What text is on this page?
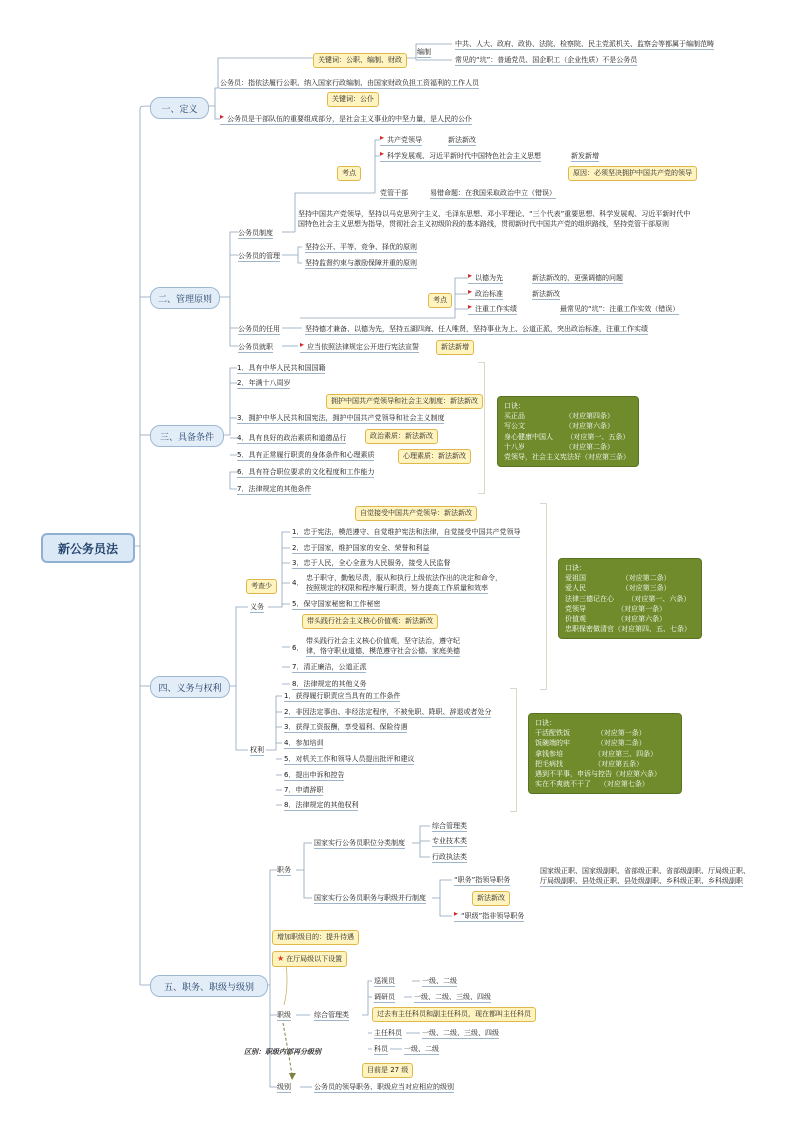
新公务员法
一、定义
关键词：公职、编制、财政
编制
中共、人大、政府、政协、法院、检察院、民主党派机关、监察会等都属于编制范畴
常见的“坑”：普通党员、国企职工（企业性质）不是公务员
公务员：指依法履行公职、纳入国家行政编制、由国家财政负担工资福利的工作人员
关键词：公仆
公务员是干部队伍的重要组成部分，是社会主义事业的中坚力量，是人民的公仆
二、管理原则
考点
共产党领导	新法新改
科学发展观、习近平新时代中国特色社会主义思想	新发新增
原因：必须坚决拥护中国共产党的领导
党管干部	易错命题：在我国采取政治中立（错误）
公务员制度
坚持中国共产党领导，坚持以马克思列宁主义、毛泽东思想、邓小平理论、“三个代表”重要思想、科学发展观、习近平新时代中国特色社会主义思想为指导，贯彻社会主义初级阶段的基本路线，贯彻新时代中国共产党的组织路线，坚持党管干部原则
公务员的管理
坚持公开、平等、竞争、择优的原则
坚持监督约束与激励保障并重的原则
考点
以德为先	新法新改的，更强调德的问题
政治标准	新法新改
注重工作实绩	最常见的“坑”：注重工作实效（错误）
公务员的任用	坚持德才兼备、以德为先，坚持五湖四海、任人唯贤，坚持事业为上、公道正派，突出政治标准，注重工作实绩
公务员就职	应当依照法律规定公开进行宪法宣誓	新法新增
三、具备条件
1．具有中华人民共和国国籍
2．年满十八周岁
拥护中国共产党领导和社会主义制度：新法新改
3．拥护中华人民共和国宪法，拥护中国共产党领导和社会主义制度
4．具有良好的政治素质和道德品行	政治素质：新法新改
5．具有正常履行职责的身体条件和心理素质	心理素质：新法新改
6．具有符合职位要求的文化程度和工作能力
7．法律规定的其他条件
口诀：
买正品                  （对应第四条）
写公文                  （对应第六条）
身心健康中国人      （对应第一、五条）
十八岁                  （对应第二条）
党领导，社会主义宪法好（对应第三条）
四、义务与权利
考查少
义务
自觉接受中国共产党领导：新法新改
1．忠于宪法，模范遵守、自觉维护宪法和法律，自觉接受中国共产党领导
2．忠于国家，维护国家的安全、荣誉和利益
3．忠于人民，全心全意为人民服务，接受人民监督
4．
忠于职守，勤勉尽责，服从和执行上级依法作出的决定和命令，
按照规定的权限和程序履行职责，努力提高工作质量和效率
5．保守国家秘密和工作秘密
带头践行社会主义核心价值观：新法新改
6．
带头践行社会主义核心价值观，坚守法治，遵守纪
律，恪守职业道德，模范遵守社会公德、家庭美德
7．清正廉洁，公道正派
8．法律规定的其他义务
口诀：
爱祖国                （对应第二条）
爱人民                （对应第三条）
法律三德记在心      （对应第一、六条）
党领导              （对应第一条）
价值观              （对应第六条）
忠职保密做清官（对应第四、五、七条）
权利
1．获得履行职责应当具有的工作条件
2．非因法定事由、非经法定程序，不被免职、降职、辞退或者处分
3．获得工资报酬，享受福利、保险待遇
4．参加培训
5．对机关工作和领导人员提出批评和建议
6．提出申诉和控告
7．申请辞职
8．法律规定的其他权利
口诀：
干活配铁饭            （对应第一条）
饭碗端的牢            （对应第二条）
拿钱参培              （对应第三、四条）
把毛病找              （对应第五条）
遇到不平事，申诉与控告（对应第六条）
实在不爽就不干了    （对应第七条）
五、职务、职级与级别
职务
国家实行公务员职位分类制度
综合管理类
专业技术类
行政执法类
国家实行公务员职务与职级并行制度
“职务”指领导职务
国家级正职、国家级副职、省部级正职、省部级副职、厅局级正职、
厅局级副职、县处级正职、县处级副职、乡科级正职、乡科级副职
新法新改
“职级”指非领导职务
增加职级目的：提升待遇
★ 在厅局级以下设置
职级	综合管理类
巡视员	一级、二级
调研员	一级、二级、三级、四级
过去有主任科员和副主任科员，现在都叫主任科员
主任科员	一级、二级、三级、四级
科员 一级、二级
目前是 27 级
区别：职级内部再分级别
级别	公务员的领导职务、职级应当对应相应的级别
